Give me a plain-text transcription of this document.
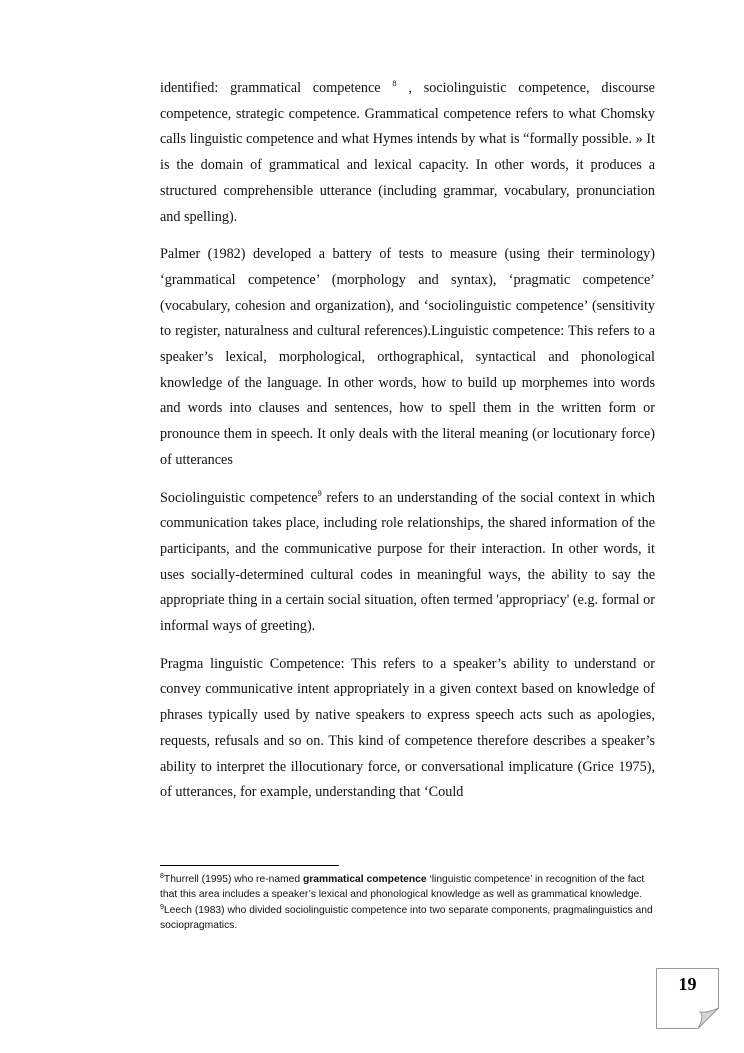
identified: grammatical competence $^8$ , sociolinguistic competence, discourse competence, strategic competence. Grammatical competence refers to what Chomsky calls linguistic competence and what Hymes intends by what is “formally possible. » It is the domain of grammatical and lexical capacity. In other words, it produces a structured comprehensible utterance (including grammar, vocabulary, pronunciation and spelling).

Palmer (1982) developed a battery of tests to measure (using their terminology) ‘grammatical competence’ (morphology and syntax), ‘pragmatic competence’ (vocabulary, cohesion and organization), and ‘sociolinguistic competence’ (sensitivity to register, naturalness and cultural references).Linguistic competence: This refers to a speaker’s lexical, morphological, orthographical, syntactical and phonological knowledge of the language. In other words, how to build up morphemes into words and words into clauses and sentences, how to spell them in the written form or pronounce them in speech. It only deals with the literal meaning (or locutionary force) of utterances

Sociolinguistic competence$^9$ refers to an understanding of the social context in which communication takes place, including role relationships, the shared information of the participants, and the communicative purpose for their interaction. In other words, it uses socially-determined cultural codes in meaningful ways, the ability to say the appropriate thing in a certain social situation, often termed 'appropriacy' (e.g. formal or informal ways of greeting).

Pragma linguistic Competence: This refers to a speaker’s ability to understand or convey communicative intent appropriately in a given context based on knowledge of phrases typically used by native speakers to express speech acts such as apologies, requests, refusals and so on. This kind of competence therefore describes a speaker’s ability to interpret the illocutionary force, or conversational implicature (Grice 1975), of utterances, for example, understanding that ‘Could

$^8$Thurrell (1995) who re-named grammatical competence ‘linguistic competence’ in recognition of the fact that this area includes a speaker’s lexical and phonological knowledge as well as grammatical knowledge.

$^9$Leech (1983) who divided sociolinguistic competence into two separate components, pragmalinguistics and sociopragmatics.

19
